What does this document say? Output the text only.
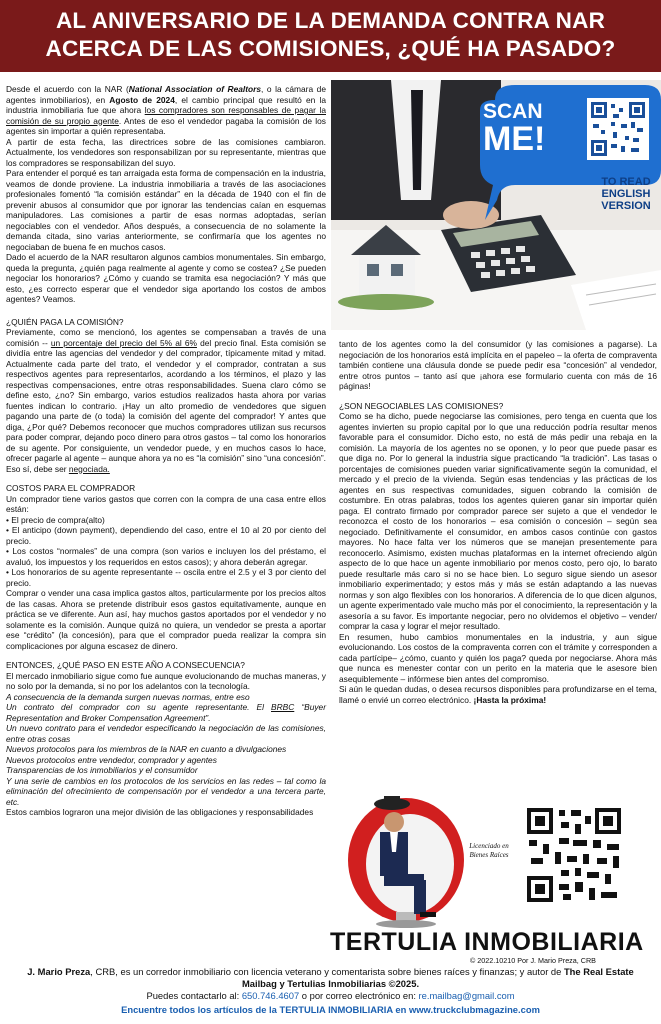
AL ANIVERSARIO DE LA DEMANDA CONTRA NAR
ACERCA DE LAS COMISIONES, ¿QUÉ HA PASADO?
SCAN
ME!
TO READ
ENGLISH
VERSION

Desde el acuerdo con la NAR (National Association of Realtors, o la cámara de agentes inmobiliarios), en Agosto de 2024, el cambio principal que resultó en la industria inmobiliaria fue que ahora los compradores son responsables de pagar la comisión de su propio agente. Antes de eso el vendedor pagaba la comisión de los agentes sin importar a quién representaba.

A partir de esta fecha, las directrices sobre de las comisiones cambiaron. Actualmente, los vendedores son responsabilizan por su representante, mientras que los compradores se responsabilizan del suyo.

Para entender el porqué es tan arraigada esta forma de compensación en la industria, veamos de donde proviene. La industria inmobiliaria a través de las asociaciones profesionales fomentó “la comisión estándar” en la década de 1940 con el fin de prevenir abusos al consumidor que por ignorar las tendencias caían en esquemas manipuladores. Las comisiones a partir de esas normas adoptadas, serían negociables con el vendedor. Años después, a consecuencia de no solamente la demanda citada, sino varias anteriormente, se confirmaría que los agentes no negociaban de buena fe en muchos casos.

Dado el acuerdo de la NAR resultaron algunos cambios monumentales. Sin embargo, queda la pregunta, ¿quién paga realmente al agente y como se costea? ¿Se pueden negociar los honorarios? ¿Cómo y cuando se tramita esa negociación? Y más que esto, ¿es correcto esperar que el vendedor siga aportando los costos de ambos agentes? Veamos.

¿QUIÉN PAGA LA COMISIÓN?

Previamente, como se mencionó, los agentes se compensaban a través de una comisión -- un porcentaje del precio del 5% al 6% del precio final. Esta comisión se dividía entre las agencias del vendedor y del comprador, típicamente mitad y mitad. Actualmente cada parte del trato, el vendedor y el comprador, contratan a sus respectivos agentes para representarlos, acordando a los términos, el plazo y las respectivas compensaciones, entre otras responsabilidades. Suena claro cómo se define esto, ¿no? Sin embargo, varios estudios realizados hasta ahora por varias fuentes indican lo contrario. ¡Hay un alto promedio de vendedores que siguen pagando una parte de (o toda) la comisión del agente del comprador! Y antes que diga, ¿Por qué? Debemos reconocer que muchos compradores utilizan sus recursos para poder comprar, dejando poco dinero para otros gastos – tal como los honorarios de su agente. Por consiguiente, un vendedor puede, y en muchos casos lo hace, ofrecer pagarle al agente – aunque ahora ya no es “la comisión” sino “una concesión”. Eso sí, debe ser negociada.

COSTOS PARA EL COMPRADOR

Un comprador tiene varios gastos que corren con la compra de una casa entre ellos están:

• El precio de compra(alto)

• El anticipo (down payment), dependiendo del caso, entre el 10 al 20 por ciento del precio.

• Los costos “normales” de una compra (son varios e incluyen los del préstamo, el avaluó, los impuestos y los requeridos en estos casos); y ahora deberán agregar.

• Los honorarios de su agente representante -- oscila entre el 2.5 y el 3 por ciento del precio.

Comprar o vender una casa implica gastos altos, particularmente por los precios altos de las casas. Ahora se pretende distribuir esos gastos equitativamente, aunque en práctica se ve diferente. Aun así, hay muchos gastos aportados por el vendedor y no solamente es la comisión. Aunque quizá no quiera, un vendedor se presta a aportar ese “crédito” (la concesión), para que el comprador pueda realizar la compra sin complicaciones por alguna escasez de dinero.

ENTONCES, ¿QUÉ PASO EN ESTE AÑO A CONSECUENCIA?

El mercado inmobiliario sigue como fue aunque evolucionando de muchas maneras, y no solo por la demanda, si no por los adelantos con la tecnología.

A consecuencia de la demanda surgen nuevas normas, entre eso

Un contrato del comprador con su agente representante. El BRBC “Buyer Representation and Broker Compensation Agreement”.

Un nuevo contrato para el vendedor especificando la negociación de las comisiones, entre otras cosas

Nuevos protocolos para los miembros de la NAR en cuanto a divulgaciones

Nuevos protocolos entre vendedor, comprador y agentes

Transparencias de los inmobiliarios y el consumidor

Y una serie de cambios en los protocolos de los servicios en las redes – tal como la eliminación del ofrecimiento de compensación por el vendedor a una tercera parte, etc.

Estos cambios lograron una mejor división de las obligaciones y responsabilidades

tanto de los agentes como la del consumidor (y las comisiones a pagarse). La negociación de los honorarios está implícita en el papeleo – la oferta de compraventa también contiene una cláusula donde se puede pedir esa “concesión” al vendedor, entre otros puntos – tanto así que ¡ahora ese formulario cuenta con más de 16 páginas!

¿SON NEGOCIABLES LAS COMISIONES?

Como se ha dicho, puede negociarse las comisiones, pero tenga en cuenta que los agentes invierten su propio capital por lo que una reducción podría resultar menos favorable para el consumidor. Dicho esto, no está de más pedir una rebaja en la comisión. La mayoría de los agentes no se oponen, y lo peor que puede pasar es que diga no. Por lo general la industria sigue practicando “la tradición”. Las tasas o porcentajes de comisiones pueden variar significativamente según la comunidad, el mercado y el precio de la vivienda. Según esas tendencias y las prácticas de los agentes en sus respectivas comunidades, siguen cobrando la comisión de costumbre. En otras palabras, todos los agentes quieren ganar sin importar quién paga. El contrato firmado por comprador parece ser sujeto a que el vendedor le reconozca el costo de los honorarios – esa comisión o concesión – según sea negociado. Definitivamente el consumidor, en ambos casos continúe con gastos mayores. No hace falta ver los números que se manejan presentemente para reconocerlo. Asimismo, existen muchas plataformas en la internet ofreciendo algún aspecto de lo que hace un agente inmobiliario por menos costo, pero ojo, lo barato puede resultarle más caro si no se hace bien. Lo seguro sigue siendo un asesor inmobiliario experimentado; y estos más y más se están adaptando a las nuevas normas y son algo flexibles con los honorarios. A diferencia de lo que dicen algunos, un agente experimentado vale mucho más por el conocimiento, la representación y la asesoría a su favor. Es importante negociar, pero no olvidemos el objetivo – vender/ comprar la casa y lograr el mejor resultado.

En resumen, hubo cambios monumentales en la industria, y aun sigue evolucionando. Los costos de la compraventa corren con el trámite y corresponden a cada partícipe– ¿cómo, cuanto y quién los paga? queda por negociarse. Ahora más que nunca es menester contar con un perito en la materia que le asesore bien asequiblemente – infórmese bien antes del compromiso.

Si aún le quedan dudas, o desea recursos disponibles para profundizarse en el tema, llamé o envié un correo electrónico. ¡Hasta la próxima!

Licenciado en
Bienes Raíces
TERTULIA INMOBILIARIA
© 2022.10210 Por J. Mario Preza, CRB
J. Mario Preza, CRB, es un corredor inmobiliario con licencia veterano y comentarista sobre bienes raíces y finanzas; y autor de The Real Estate Mailbag y Tertulias Inmobiliarias ©2025.
Puedes contactarlo al: 650.746.4607 o por correo electrónico en: re.mailbag@gmail.com
Encuentre todos los artículos de la TERTULIA INMOBILIARIA en www.truckclubmagazine.com
